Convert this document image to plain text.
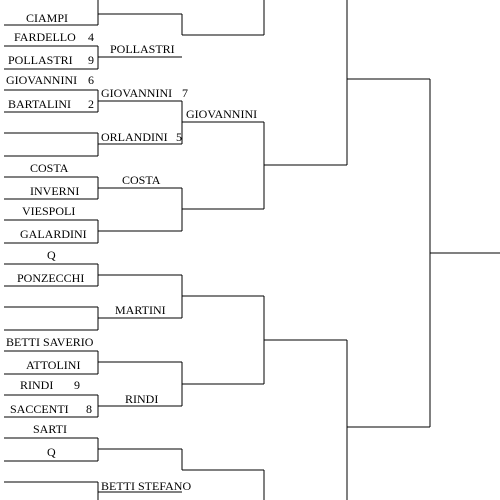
CIAMPI
FARDELLO 4
POLLASTRI 9
GIOVANNINI 6
BARTALINI 2
COSTA
INVERNI
VIESPOLI
GALARDINI
Q
PONZECCHI
BETTI SAVERIO
ATTOLINI
RINDI 9
SACCENTI 8
SARTI
Q
POLLASTRI
GIOVANNINI 7
ORLANDINI 5
COSTA
MARTINI
RINDI
BETTI STEFANO
GIOVANNINI
